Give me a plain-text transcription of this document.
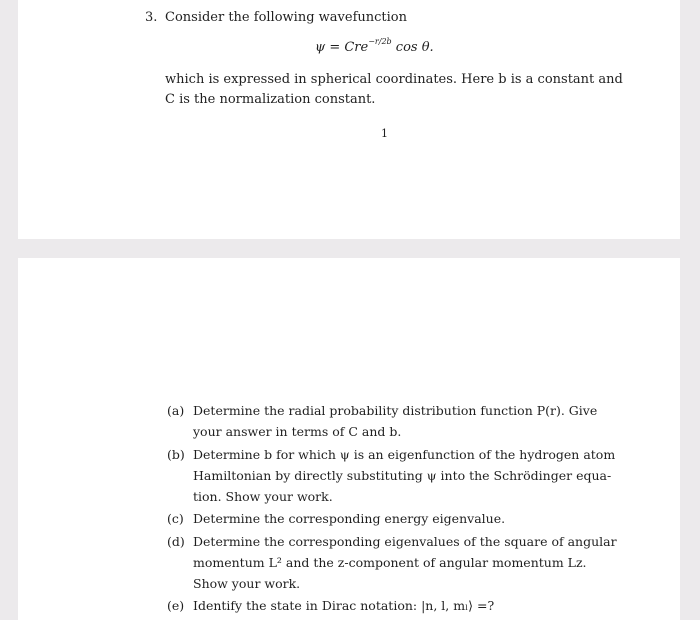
3. Consider the following wavefunction
ψ = Cre$^{-r/2b}$ cos θ.
which is expressed in spherical coordinates. Here b is a constant and
C is the normalization constant.
1
(a) Determine the radial probability distribution function P(r). Give
your answer in terms of C and b.
(b) Determine b for which ψ is an eigenfunction of the hydrogen atom
Hamiltonian by directly substituting ψ into the Schrödinger equa-
tion. Show your work.
(c) Determine the corresponding energy eigenvalue.
(d) Determine the corresponding eigenvalues of the square of angular
momentum L² and the z-component of angular momentum Lz.
Show your work.
(e) Identify the state in Dirac notation: |n, l, mₗ⟩ =?
